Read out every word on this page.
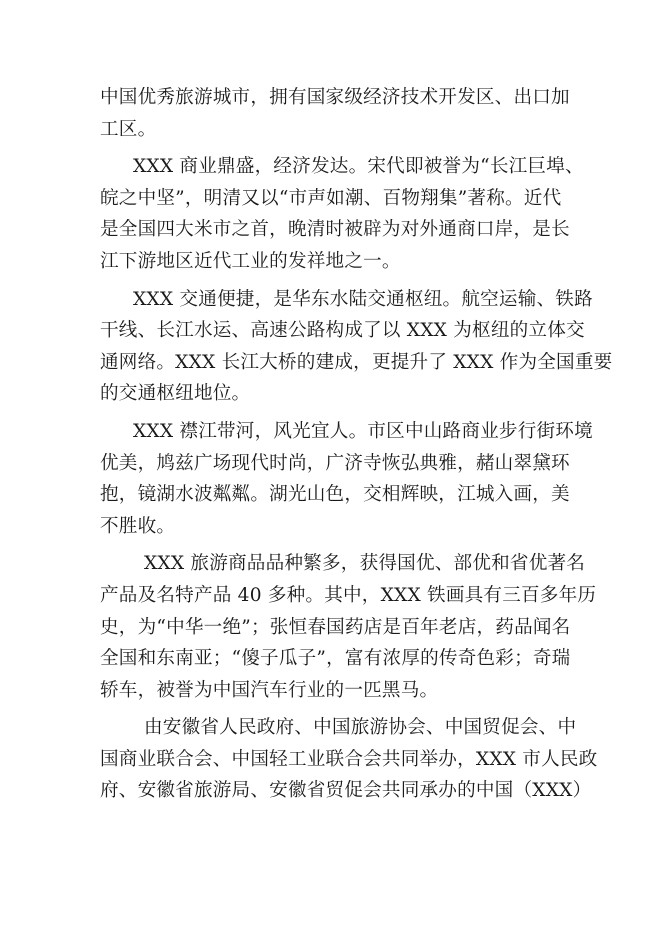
中国优秀旅游城市，拥有国家级经济技术开发区、出口加
工区。
XXX 商业鼎盛，经济发达。宋代即被誉为“长江巨埠、
皖之中坚”，明清又以“市声如潮、百物翔集”著称。近代
是全国四大米市之首，晚清时被辟为对外通商口岸，是长
江下游地区近代工业的发祥地之一。
XXX 交通便捷，是华东水陆交通枢纽。航空运输、铁路
干线、长江水运、高速公路构成了以 XXX 为枢纽的立体交
通网络。XXX 长江大桥的建成，更提升了 XXX 作为全国重要
的交通枢纽地位。
XXX 襟江带河，风光宜人。市区中山路商业步行街环境
优美，鸠兹广场现代时尚，广济寺恢弘典雅，赭山翠黛环
抱，镜湖水波粼粼。湖光山色，交相辉映，江城入画，美
不胜收。
XXX 旅游商品品种繁多，获得国优、部优和省优著名
产品及名特产品 40 多种。其中，XXX 铁画具有三百多年历
史，为“中华一绝”；张恒春国药店是百年老店，药品闻名
全国和东南亚；“傻子瓜子”，富有浓厚的传奇色彩；奇瑞
轿车，被誉为中国汽车行业的一匹黑马。
由安徽省人民政府、中国旅游协会、中国贸促会、中
国商业联合会、中国轻工业联合会共同举办，XXX 市人民政
府、安徽省旅游局、安徽省贸促会共同承办的中国（XXX）
